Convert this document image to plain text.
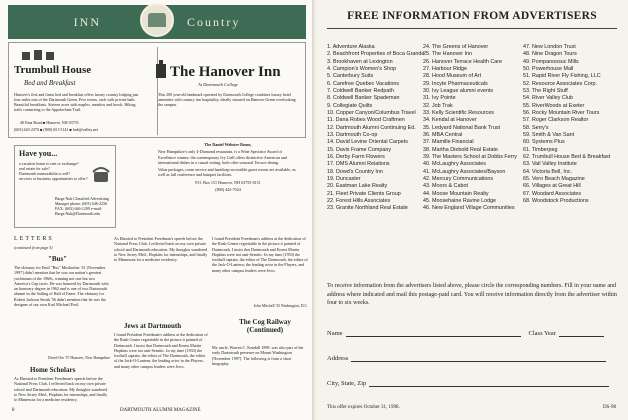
INN	Country
Trumbull House
Bed and Breakfast
Hanover's first and finest bed and breakfast offers luxury country lodging just four miles east of the Dartmouth Green. Five rooms, each with private bath. Beautiful breakfasts. Sixteen acres with maples, meadow and brook. Hiking trails connecting to the Appalachian Trail.
40 Etna Road ■ Hanover, NH 03755
(603) 643-2370 ■ (800) 651-5141 ■ bnb@valley.net
The Hanover Inn
At Dartmouth College
This 200 year-old landmark operated by Dartmouth College combines luxury hotel amenities with country inn hospitality, ideally situated on Hanover Green overlooking the campus.
Have you...
a vacation home to rent or exchange?
real estate for sale?
Dartmouth memorabilia to sell?
services or business opportunities to offer?
Barge Nuk Classified Advertising Manager phone: (603) 646-2256 FAX: (603) 646-1209 e-mail: Barge.Nuk@Dartmouth.edu

The Daniel Webster Room,

New Hampshire's only 4-Diamond restaurant, is a Wine Spectator Award of Excellence winner; the contemporary Ivy Grill offers distinctive American and international dishes in a casual setting, both offer seasonal Terrace dining.

Value packages, room service and handicap-accessible guest rooms are available, as well as full conference and banquet facilities.

P.O. Box 151 Hanover, NH 03755-0151

(800) 443-7024

LETTERS
(continued from page 5)
"Bus"
The obituary for Emil "Bus" Mosbacher '41 [November 1997] didn't mention that he was our nation's greatest yachtsman of the 1960s, winning not one but two America's Cup races. He was honored by Dartmouth with an honorary degree in 1962 and is one of two Dartmouth alumni in the Sailing of Hall of Fame. The obituary for Robert Jackson Smith '56 didn't mention that he was the designer of our own Karl Michael Pool.
David Ore '57 Hanover, New Hampshire
Home Scholars
As Elmsted to President Freedman's speech before the National Press Club, I reflected back on my own private school and Dartmouth education. My thoughts wandered to New Jersey Med., Hopkins for internships, and finally to Minnesota for a medicine residency.
As Elmsted to President Freedman's speech before the National Press Club, I reflected back on my own private school and Dartmouth education. My thoughts wandered to New Jersey Med., Hopkins for internships, and finally to Minnesota for a medicine residency.
Jews at Dartmouth
I found President Freedman's address at the dedication of the Rush Center regrettable in the picture it painted of Dartmouth. I insist that Dartmouth and Ernest Martin Hopkins were not anti-Semitic. In my time (1933) the football captain, the editor of The Dartmouth, the editor of the Jack-O-Lantern, the leading actor in the Players, and many other campus leaders were Jews.
I found President Freedman's address at the dedication of the Rush Center regrettable in the picture it painted of Dartmouth. I insist that Dartmouth and Ernest Martin Hopkins were not anti-Semitic. In my time (1933) the football captain, the editor of The Dartmouth, the editor of the Jack-O-Lantern, the leading actor in the Players, and many other campus leaders were Jews.
John Mitchell '35 Washington, D.C.
The Cog Railway (Continued)
My uncle, Warren C. Kendall 1899, was also part of the early Dartmouth presence on Mount Washington [November 1997]. The following is from a short biography.
8	DARTMOUTH ALUMNI MAGAZINE
FREE INFORMATION FROM ADVERTISERS
1. Adventure Alaska
2. Beachfront Properties of Boca Grande
3. Brookhaven at Lexington
4. Campion's Women's Shop
5. Canterbury Suits
6. Carefree Quebec Vacations
7. Coldwell Banker Redpath
8. Coldwell Banker Spademan
9. Collegiate Quilts
10. Copper Canyon/Columbus Travel
11. Dana Robes Wood Craftmen
12. Dartmouth Alumni Continuing Ed.
13. Dartmouth Co-op
14. David Levine Oriental Carpets
15. Davis Frame Company
16. Derby Farm Flowers
17. DMS Alumni Relations
18. Dowd's Country Inn
19. Duncaster
20. Eastman Lake Realty
21. Fleet Private Clients Group
22. Forest Hills Associates
23. Granite Northland Real Estate
24. The Greens of Hanover
25. The Hanover Inn
26. Hanover Terrace Health Care
27. Harbour Ridge
28. Hood Museum of Art
29. Incyte Pharmaceuticals
30. Ivy League alumni events
31. Ivy Pointe
32. Job Trak
33. Kelly Scientific Resources
34. Kendal at Hanover
35. Ledyard National Bank Trust
36. MBA Central
37. Mamille Financial
38. Martha Diebold Real Estate
39. The Masters School at Dobbs Ferry
40. McLaughry Associates
41. McLaughry Associates/Bayson
42. Mercury Communications
43. Moors & Cabot
44. Moose Mountain Realty
45. Moosehaine Ravine Lodge
46. New England Village Communities
47. New London Trust
48. Nine Dragon Tours
49. Pompanoosuc Mills
50. Powerhouse Mall
51. Rapid River Fly Fishing, LLC
52. Resource Associates Corp.
53. The Right Stuff
54. River Valley Club
55. RiverWoods at Exeter
56. Rocky Mountain River Tours
57. Roger Clarkson Realtor
58. Serry's
59. Smith & Van Sant
60. Systems Plus
61. Timberpeg
62. Trumbull House Bed & Breakfast
63. Vail Valley Institute
64. Victoria Bell, Inc.
65. Vero Beach Magazine
66. Villages at Great Hill
67. Woodard Associates
68. Woodstock Productions
To receive information from the advertisers listed above, please circle the corresponding numbers. Fill in your name and address where indicated and mail this postage-paid card. You will receive information directly from the advertiser within four to six weeks.
Name	Class Year
Address
City, State, Zip
This offer expires October 31, 1998.	DS-98
